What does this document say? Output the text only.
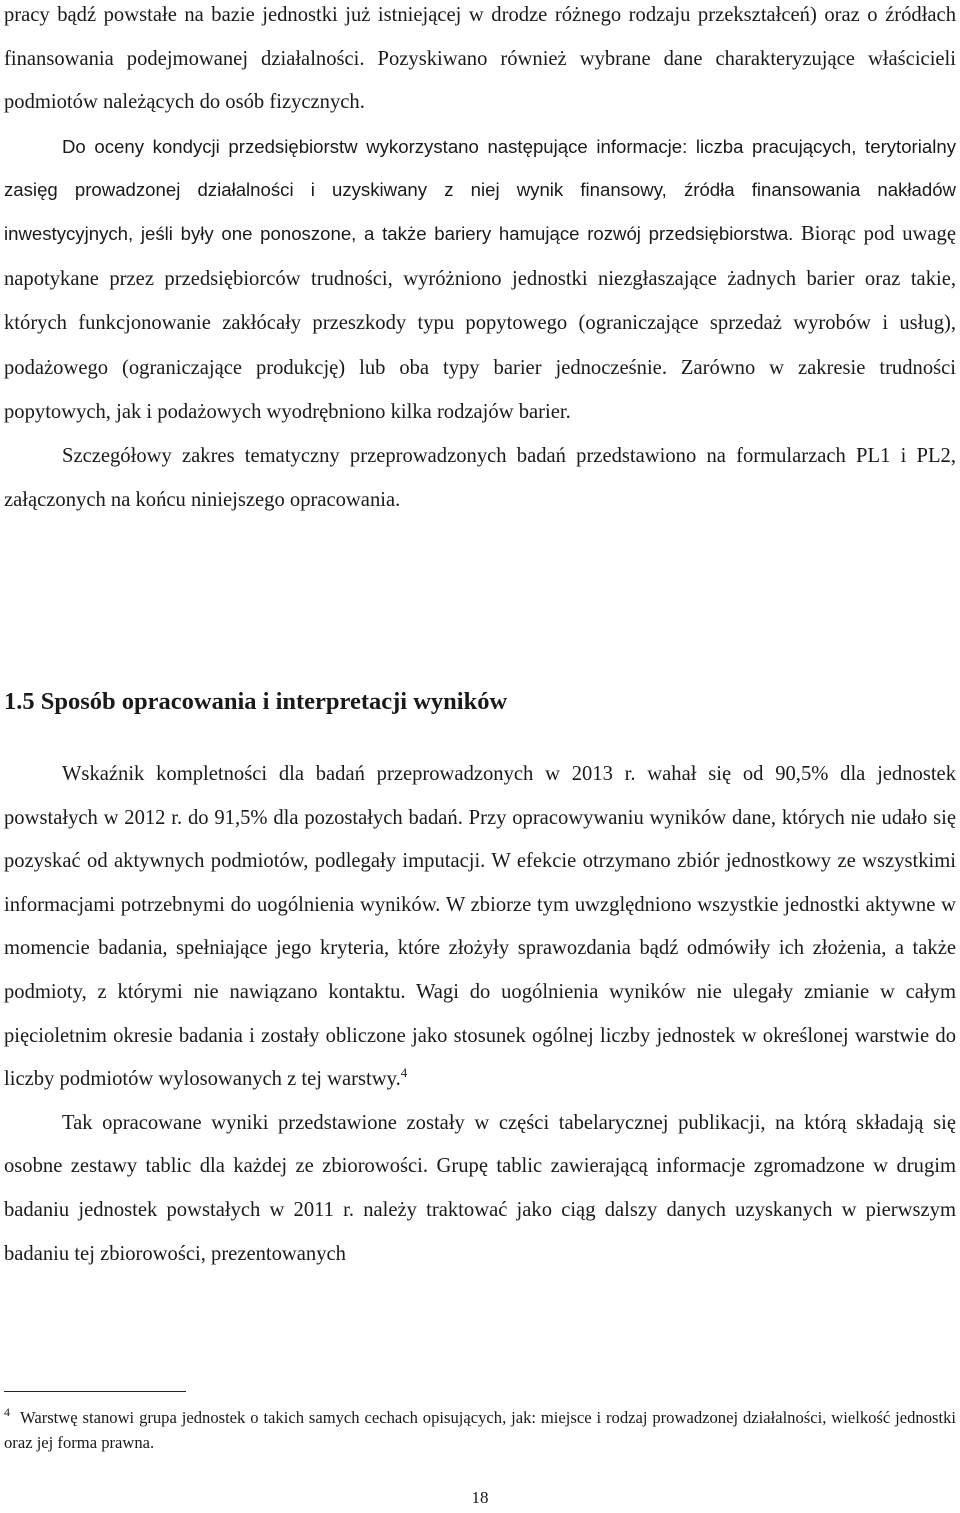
pracy bądź powstałe na bazie jednostki już istniejącej w drodze różnego rodzaju przekształceń) oraz o źródłach finansowania podejmowanej działalności. Pozyskiwano również wybrane dane charakteryzujące właścicieli podmiotów należących do osób fizycznych.

Do oceny kondycji przedsiębiorstw wykorzystano następujące informacje: liczba pracujących, terytorialny zasięg prowadzonej działalności i uzyskiwany z niej wynik finansowy, źródła finansowania nakładów inwestycyjnych, jeśli były one ponoszone, a także bariery hamujące rozwój przedsiębiorstwa. Biorąc pod uwagę napotykane przez przedsiębiorców trudności, wyróżniono jednostki niezgłaszające żadnych barier oraz takie, których funkcjonowanie zakłócały przeszkody typu popytowego (ograniczające sprzedaż wyrobów i usług), podażowego (ograniczające produkcję) lub oba typy barier jednocześnie. Zarówno w zakresie trudności popytowych, jak i podażowych wyodrębniono kilka rodzajów barier.

Szczegółowy zakres tematyczny przeprowadzonych badań przedstawiono na formularzach PL1 i PL2, załączonych na końcu niniejszego opracowania.

1.5 Sposób opracowania i interpretacji wyników

Wskaźnik kompletności dla badań przeprowadzonych w 2013 r. wahał się od 90,5% dla jednostek powstałych w 2012 r. do 91,5% dla pozostałych badań. Przy opracowywaniu wyników dane, których nie udało się pozyskać od aktywnych podmiotów, podlegały imputacji. W efekcie otrzymano zbiór jednostkowy ze wszystkimi informacjami potrzebnymi do uogólnienia wyników. W zbiorze tym uwzględniono wszystkie jednostki aktywne w momencie badania, spełniające jego kryteria, które złożyły sprawozdania bądź odmówiły ich złożenia, a także podmioty, z którymi nie nawiązano kontaktu. Wagi do uogólnienia wyników nie ulegały zmianie w całym pięcioletnim okresie badania i zostały obliczone jako stosunek ogólnej liczby jednostek w określonej warstwie do liczby podmiotów wylosowanych z tej warstwy.$^4$

Tak opracowane wyniki przedstawione zostały w części tabelarycznej publikacji, na którą składają się osobne zestawy tablic dla każdej ze zbiorowości. Grupę tablic zawierającą informacje zgromadzone w drugim badaniu jednostek powstałych w 2011 r. należy traktować jako ciąg dalszy danych uzyskanych w pierwszym badaniu tej zbiorowości, prezentowanych

$^4$ Warstwę stanowi grupa jednostek o takich samych cechach opisujących, jak: miejsce i rodzaj prowadzonej działalności, wielkość jednostki oraz jej forma prawna.

18
